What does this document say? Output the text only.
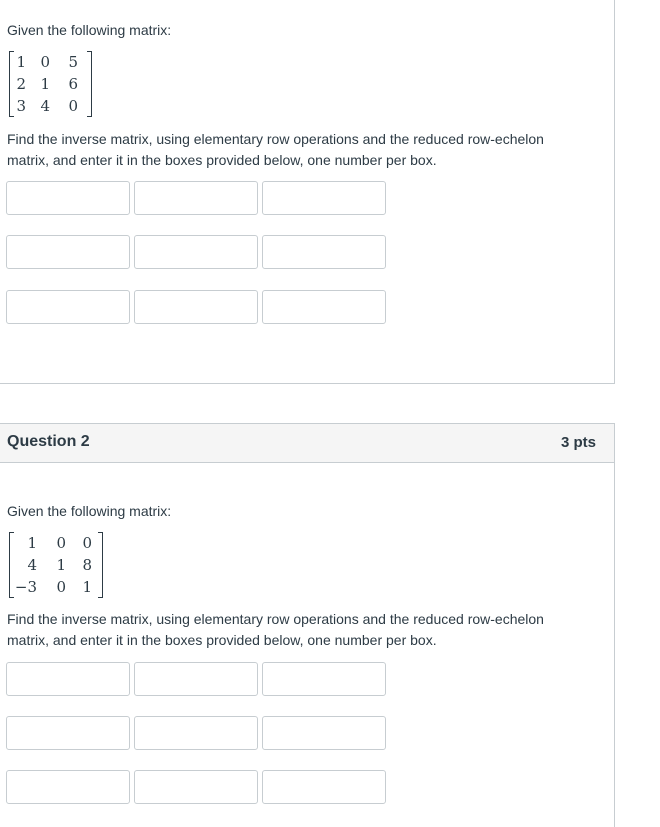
Given the following matrix:
1 0 5
2 1 6
3 4 0
Find the inverse matrix, using elementary row operations and the reduced row-echelon
matrix, and enter it in the boxes provided below, one number per box.
Question 2	3 pts
Given the following matrix:
1 0 0
4 1 8
−3 0 1
Find the inverse matrix, using elementary row operations and the reduced row-echelon
matrix, and enter it in the boxes provided below, one number per box.
